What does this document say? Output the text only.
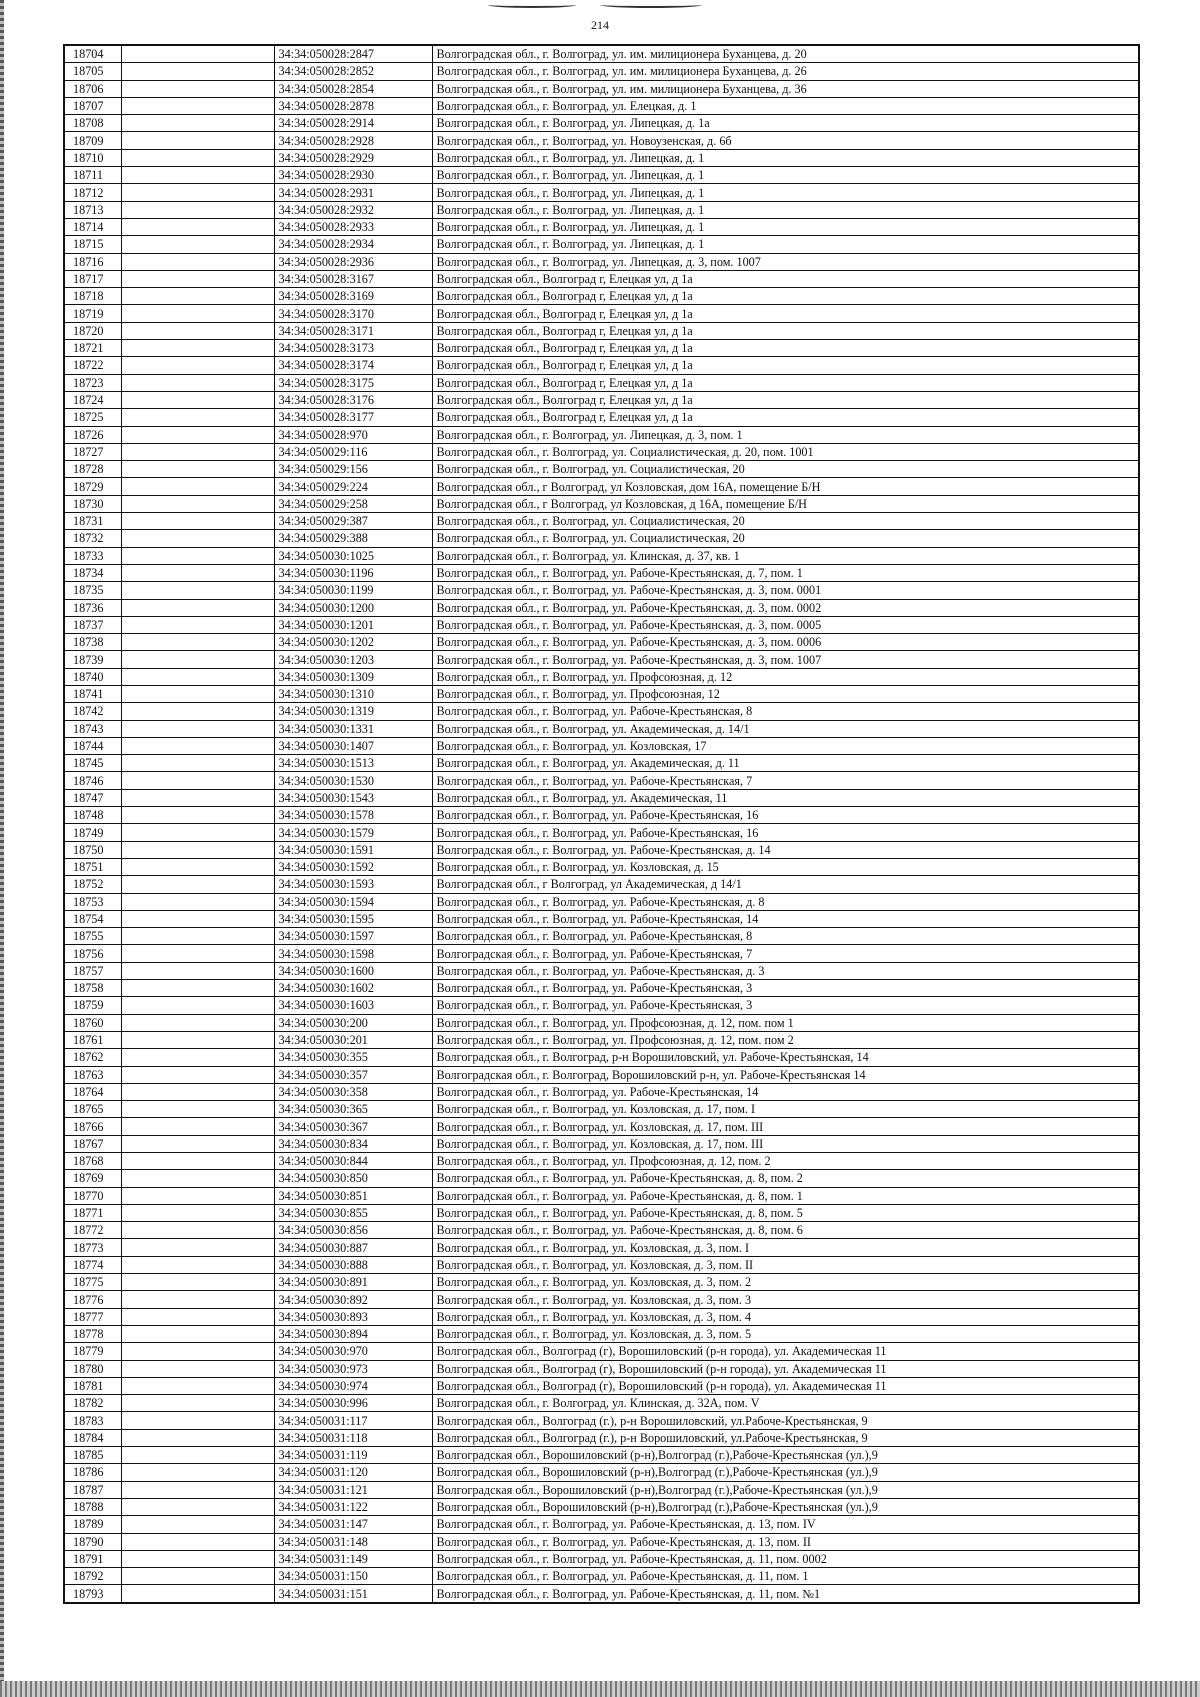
214
18704		34:34:050028:2847	Волгоградская обл., г. Волгоград, ул. им. милиционера Буханцева, д. 20
18705		34:34:050028:2852	Волгоградская обл., г. Волгоград, ул. им. милиционера Буханцева, д. 26
18706		34:34:050028:2854	Волгоградская обл., г. Волгоград, ул. им. милиционера Буханцева, д. 36
18707		34:34:050028:2878	Волгоградская обл., г. Волгоград, ул. Елецкая, д. 1
18708		34:34:050028:2914	Волгоградская обл., г. Волгоград, ул. Липецкая, д. 1а
18709		34:34:050028:2928	Волгоградская обл., г. Волгоград, ул. Новоузенская, д. 6б
18710		34:34:050028:2929	Волгоградская обл., г. Волгоград, ул. Липецкая, д. 1
18711		34:34:050028:2930	Волгоградская обл., г. Волгоград, ул. Липецкая, д. 1
18712		34:34:050028:2931	Волгоградская обл., г. Волгоград, ул. Липецкая, д. 1
18713		34:34:050028:2932	Волгоградская обл., г. Волгоград, ул. Липецкая, д. 1
18714		34:34:050028:2933	Волгоградская обл., г. Волгоград, ул. Липецкая, д. 1
18715		34:34:050028:2934	Волгоградская обл., г. Волгоград, ул. Липецкая, д. 1
18716		34:34:050028:2936	Волгоградская обл., г. Волгоград, ул. Липецкая, д. 3, пом. 1007
18717		34:34:050028:3167	Волгоградская обл., Волгоград г, Елецкая ул, д 1а
18718		34:34:050028:3169	Волгоградская обл., Волгоград г, Елецкая ул, д 1а
18719		34:34:050028:3170	Волгоградская обл., Волгоград г, Елецкая ул, д 1а
18720		34:34:050028:3171	Волгоградская обл., Волгоград г, Елецкая ул, д 1а
18721		34:34:050028:3173	Волгоградская обл., Волгоград г, Елецкая ул, д 1а
18722		34:34:050028:3174	Волгоградская обл., Волгоград г, Елецкая ул, д 1а
18723		34:34:050028:3175	Волгоградская обл., Волгоград г, Елецкая ул, д 1а
18724		34:34:050028:3176	Волгоградская обл., Волгоград г, Елецкая ул, д 1а
18725		34:34:050028:3177	Волгоградская обл., Волгоград г, Елецкая ул, д 1а
18726		34:34:050028:970	Волгоградская обл., г. Волгоград, ул. Липецкая, д. 3, пом. 1
18727		34:34:050029:116	Волгоградская обл., г. Волгоград, ул. Социалистическая, д. 20, пом. 1001
18728		34:34:050029:156	Волгоградская обл., г. Волгоград, ул. Социалистическая, 20
18729		34:34:050029:224	Волгоградская обл., г Волгоград, ул Козловская, дом 16А, помещение Б/Н
18730		34:34:050029:258	Волгоградская обл., г Волгоград, ул Козловская, д 16А, помещение Б/Н
18731		34:34:050029:387	Волгоградская обл., г. Волгоград, ул. Социалистическая, 20
18732		34:34:050029:388	Волгоградская обл., г. Волгоград, ул. Социалистическая, 20
18733		34:34:050030:1025	Волгоградская обл., г. Волгоград, ул. Клинская, д. 37, кв. 1
18734		34:34:050030:1196	Волгоградская обл., г. Волгоград, ул. Рабоче-Крестьянская, д. 7, пом. 1
18735		34:34:050030:1199	Волгоградская обл., г. Волгоград, ул. Рабоче-Крестьянская, д. 3, пом. 0001
18736		34:34:050030:1200	Волгоградская обл., г. Волгоград, ул. Рабоче-Крестьянская, д. 3, пом. 0002
18737		34:34:050030:1201	Волгоградская обл., г. Волгоград, ул. Рабоче-Крестьянская, д. 3, пом. 0005
18738		34:34:050030:1202	Волгоградская обл., г. Волгоград, ул. Рабоче-Крестьянская, д. 3, пом. 0006
18739		34:34:050030:1203	Волгоградская обл., г. Волгоград, ул. Рабоче-Крестьянская, д. 3, пом. 1007
18740		34:34:050030:1309	Волгоградская обл., г. Волгоград, ул. Профсоюзная, д. 12
18741		34:34:050030:1310	Волгоградская обл., г. Волгоград, ул. Профсоюзная, 12
18742		34:34:050030:1319	Волгоградская обл., г. Волгоград, ул. Рабоче-Крестьянская, 8
18743		34:34:050030:1331	Волгоградская обл., г. Волгоград, ул. Академическая, д. 14/1
18744		34:34:050030:1407	Волгоградская обл., г. Волгоград, ул. Козловская, 17
18745		34:34:050030:1513	Волгоградская обл., г. Волгоград, ул. Академическая, д. 11
18746		34:34:050030:1530	Волгоградская обл., г. Волгоград, ул. Рабоче-Крестьянская, 7
18747		34:34:050030:1543	Волгоградская обл., г. Волгоград, ул. Академическая, 11
18748		34:34:050030:1578	Волгоградская обл., г. Волгоград, ул. Рабоче-Крестьянская, 16
18749		34:34:050030:1579	Волгоградская обл., г. Волгоград, ул. Рабоче-Крестьянская, 16
18750		34:34:050030:1591	Волгоградская обл., г. Волгоград, ул. Рабоче-Крестьянская, д. 14
18751		34:34:050030:1592	Волгоградская обл., г. Волгоград, ул. Козловская, д. 15
18752		34:34:050030:1593	Волгоградская обл., г Волгоград, ул Академическая, д 14/1
18753		34:34:050030:1594	Волгоградская обл., г. Волгоград, ул. Рабоче-Крестьянская, д. 8
18754		34:34:050030:1595	Волгоградская обл., г. Волгоград, ул. Рабоче-Крестьянская, 14
18755		34:34:050030:1597	Волгоградская обл., г. Волгоград, ул. Рабоче-Крестьянская, 8
18756		34:34:050030:1598	Волгоградская обл., г. Волгоград, ул. Рабоче-Крестьянская, 7
18757		34:34:050030:1600	Волгоградская обл., г. Волгоград, ул. Рабоче-Крестьянская, д. 3
18758		34:34:050030:1602	Волгоградская обл., г. Волгоград, ул. Рабоче-Крестьянская, 3
18759		34:34:050030:1603	Волгоградская обл., г. Волгоград, ул. Рабоче-Крестьянская, 3
18760		34:34:050030:200	Волгоградская обл., г. Волгоград, ул. Профсоюзная, д. 12, пом. пом 1
18761		34:34:050030:201	Волгоградская обл., г. Волгоград, ул. Профсоюзная, д. 12, пом. пом 2
18762		34:34:050030:355	Волгоградская обл., г. Волгоград, р-н Ворошиловский, ул. Рабоче-Крестьянская, 14
18763		34:34:050030:357	Волгоградская обл., г. Волгоград, Ворошиловский р-н, ул. Рабоче-Крестьянская 14
18764		34:34:050030:358	Волгоградская обл., г. Волгоград, ул. Рабоче-Крестьянская, 14
18765		34:34:050030:365	Волгоградская обл., г. Волгоград, ул. Козловская, д. 17, пом. I
18766		34:34:050030:367	Волгоградская обл., г. Волгоград, ул. Козловская, д. 17, пом. III
18767		34:34:050030:834	Волгоградская обл., г. Волгоград, ул. Козловская, д. 17, пом. III
18768		34:34:050030:844	Волгоградская обл., г. Волгоград, ул. Профсоюзная, д. 12, пом. 2
18769		34:34:050030:850	Волгоградская обл., г. Волгоград, ул. Рабоче-Крестьянская, д. 8, пом. 2
18770		34:34:050030:851	Волгоградская обл., г. Волгоград, ул. Рабоче-Крестьянская, д. 8, пом. 1
18771		34:34:050030:855	Волгоградская обл., г. Волгоград, ул. Рабоче-Крестьянская, д. 8, пом. 5
18772		34:34:050030:856	Волгоградская обл., г. Волгоград, ул. Рабоче-Крестьянская, д. 8, пом. 6
18773		34:34:050030:887	Волгоградская обл., г. Волгоград, ул. Козловская, д. 3, пом. I
18774		34:34:050030:888	Волгоградская обл., г. Волгоград, ул. Козловская, д. 3, пом. II
18775		34:34:050030:891	Волгоградская обл., г. Волгоград, ул. Козловская, д. 3, пом. 2
18776		34:34:050030:892	Волгоградская обл., г. Волгоград, ул. Козловская, д. 3, пом. 3
18777		34:34:050030:893	Волгоградская обл., г. Волгоград, ул. Козловская, д. 3, пом. 4
18778		34:34:050030:894	Волгоградская обл., г. Волгоград, ул. Козловская, д. 3, пом. 5
18779		34:34:050030:970	Волгоградская обл., Волгоград (г), Ворошиловский (р-н города), ул. Академическая 11
18780		34:34:050030:973	Волгоградская обл., Волгоград (г), Ворошиловский (р-н города), ул. Академическая 11
18781		34:34:050030:974	Волгоградская обл., Волгоград (г), Ворошиловский (р-н города), ул. Академическая 11
18782		34:34:050030:996	Волгоградская обл., г. Волгоград, ул. Клинская, д. 32А, пом. V
18783		34:34:050031:117	Волгоградская обл., Волгоград (г.), р-н Ворошиловский, ул.Рабоче-Крестьянская, 9
18784		34:34:050031:118	Волгоградская обл., Волгоград (г.), р-н Ворошиловский, ул.Рабоче-Крестьянская, 9
18785		34:34:050031:119	Волгоградская обл., Ворошиловский (р-н),Волгоград (г.),Рабоче-Крестьянская (ул.),9
18786		34:34:050031:120	Волгоградская обл., Ворошиловский (р-н),Волгоград (г.),Рабоче-Крестьянская (ул.),9
18787		34:34:050031:121	Волгоградская обл., Ворошиловский (р-н),Волгоград (г.),Рабоче-Крестьянская (ул.),9
18788		34:34:050031:122	Волгоградская обл., Ворошиловский (р-н),Волгоград (г.),Рабоче-Крестьянская (ул.),9
18789		34:34:050031:147	Волгоградская обл., г. Волгоград, ул. Рабоче-Крестьянская, д. 13, пом. IV
18790		34:34:050031:148	Волгоградская обл., г. Волгоград, ул. Рабоче-Крестьянская, д. 13, пом. II
18791		34:34:050031:149	Волгоградская обл., г. Волгоград, ул. Рабоче-Крестьянская, д. 11, пом. 0002
18792		34:34:050031:150	Волгоградская обл., г. Волгоград, ул. Рабоче-Крестьянская, д. 11, пом. 1
18793		34:34:050031:151	Волгоградская обл., г. Волгоград, ул. Рабоче-Крестьянская, д. 11, пом. №1
